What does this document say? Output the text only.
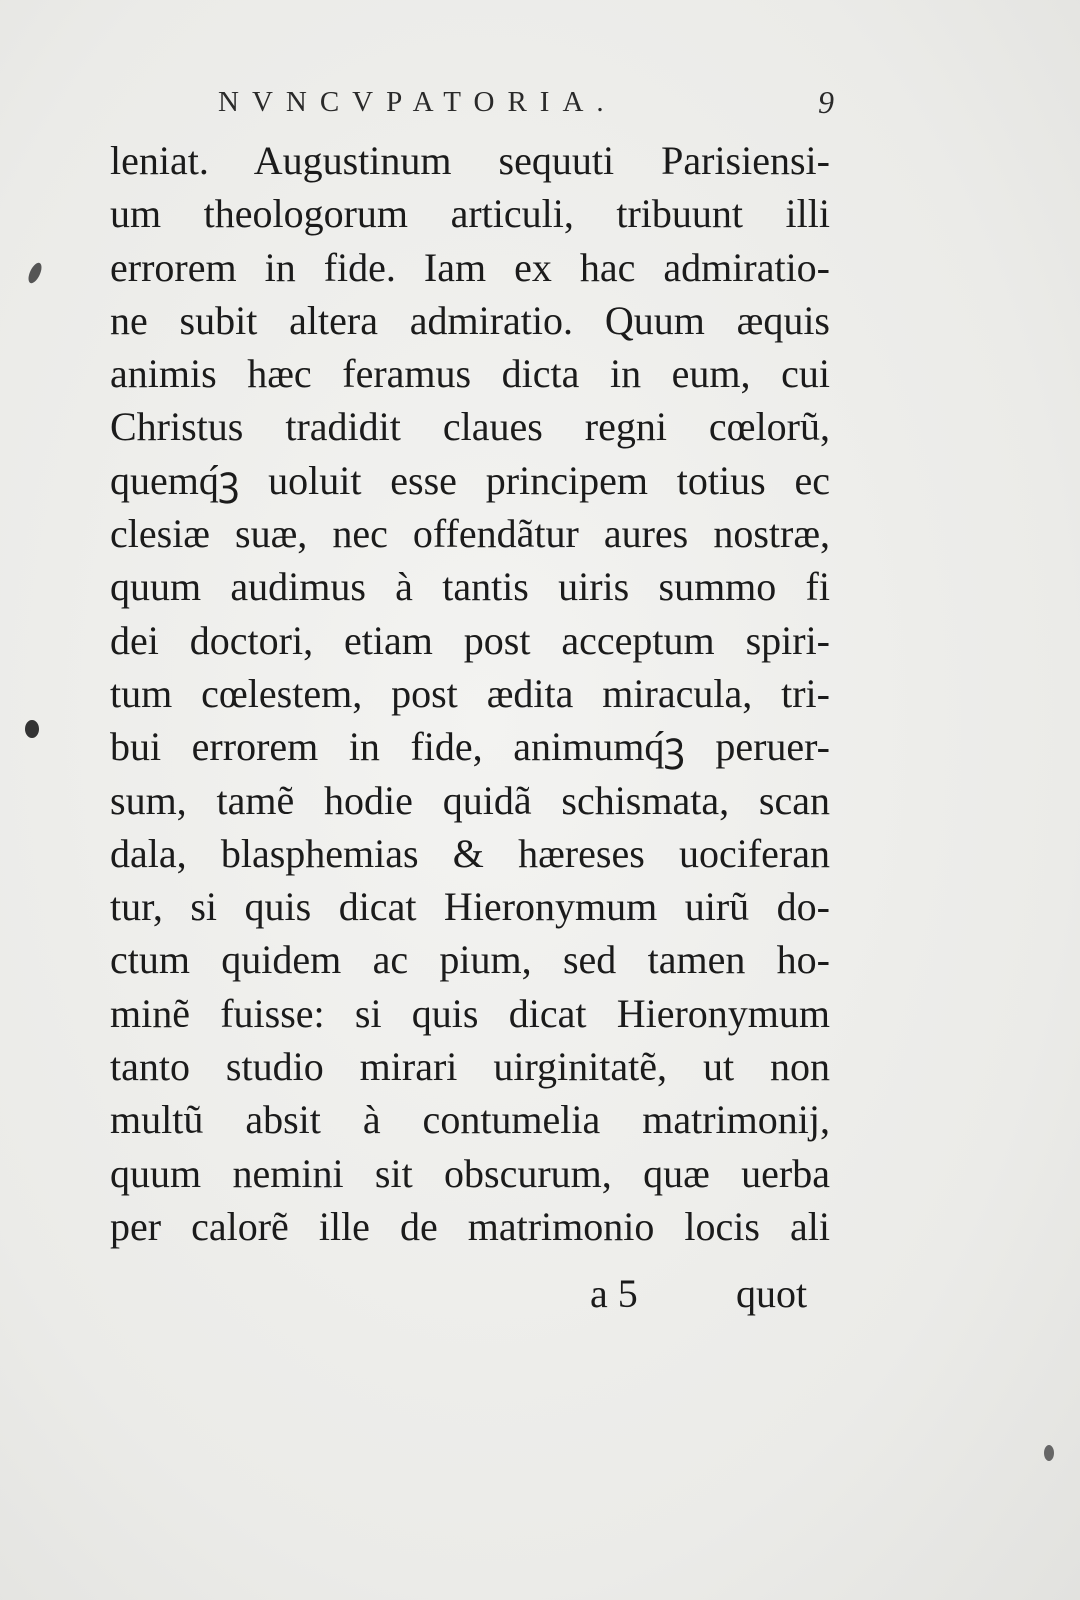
NVNCVPATORIA.	9
leniat. Augustinum sequuti Parisiensi-
um theologorum articuli, tribuunt illi
errorem in fide. Iam ex hac admiratio-
ne subit altera admiratio. Quum æquis
animis hæc feramus dicta in eum, cui
Christus tradidit claues regni cœlorũ,
quemq́ꝫ uoluit esse principem totius ec
clesiæ suæ, nec offendãtur aures nostræ,
quum audimus à tantis uiris summo fi
dei doctori, etiam post acceptum spiri-
tum cœlestem, post ædita miracula, tri-
bui errorem in fide, animumq́ꝫ peruer-
sum, tamẽ hodie quidã schismata, scan
dala, blasphemias & hæreses uociferan
tur, si quis dicat Hieronymum uirũ do-
ctum quidem ac pium, sed tamen ho-
minẽ fuisse: si quis dicat Hieronymum
tanto studio mirari uirginitatẽ, ut non
multũ absit à contumelia matrimonij,
quum nemini sit obscurum, quæ uerba
per calorẽ ille de matrimonio locis ali
a 5 quot
